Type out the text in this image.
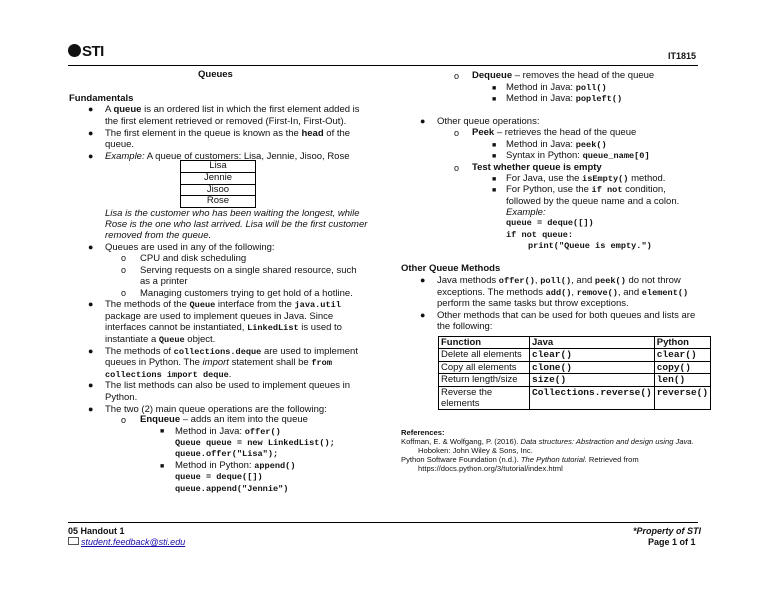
STI	IT1815
Queues
Fundamentals
● A queue is an ordered list in which the first element added is
the first element retrieved or removed (First-In, First-Out).
● The first element in the queue is known as the head of the
queue.
● Example: A queue of customers: Lisa, Jennie, Jisoo, Rose
Lisa
Jennie
Jisoo
Rose
Lisa is the customer who has been waiting the longest, while
Rose is the one who last arrived. Lisa will be the first customer
removed from the queue.
● Queues are used in any of the following:
o CPU and disk scheduling
o Serving requests on a single shared resource, such
as a printer
o Managing customers trying to get hold of a hotline.
● The methods of the Queue interface from the java.util
package are used to implement queues in Java. Since
interfaces cannot be instantiated, LinkedList is used to
instantiate a Queue object.
● The methods of collections.deque are used to implement
queues in Python. The import statement shall be from
collections import deque.
● The list methods can also be used to implement queues in
Python.
● The two (2) main queue operations are the following:
o Enqueue – adds an item into the queue
■ Method in Java: offer()
Queue queue = new LinkedList();
queue.offer("Lisa");
■ Method in Python: append()
queue = deque([])
queue.append("Jennie")
o Dequeue – removes the head of the queue
■ Method in Java: poll()
■ Method in Java: popleft()
● Other queue operations:
o Peek – retrieves the head of the queue
■ Method in Java: peek()
■ Syntax in Python: queue_name[0]
o Test whether queue is empty
■ For Java, use the isEmpty() method.
■ For Python, use the if not condition,
followed by the queue name and a colon.
Example:
queue = deque([])
if not queue:
print("Queue is empty.")
Other Queue Methods
● Java methods offer(), poll(), and peek() do not throw
exceptions. The methods add(), remove(), and element()
perform the same tasks but throw exceptions.
● Other methods that can be used for both queues and lists are
the following:
Function	Java	Python
Delete all elements	clear()	clear()
Copy all elements	clone()	copy()
Return length/size	size()	len()
Reverse the elements	Collections.reverse()	reverse()
References:
Koffman, E. & Wolfgang, P. (2016). Data structures: Abstraction and design using Java.
Hoboken: John Wiley & Sons, Inc.
Python Software Foundation (n.d.). The Python tutorial. Retrieved from
https://docs.python.org/3/tutorial/index.html
05 Handout 1
student.feedback@sti.edu
*Property of STI
Page 1 of 1
